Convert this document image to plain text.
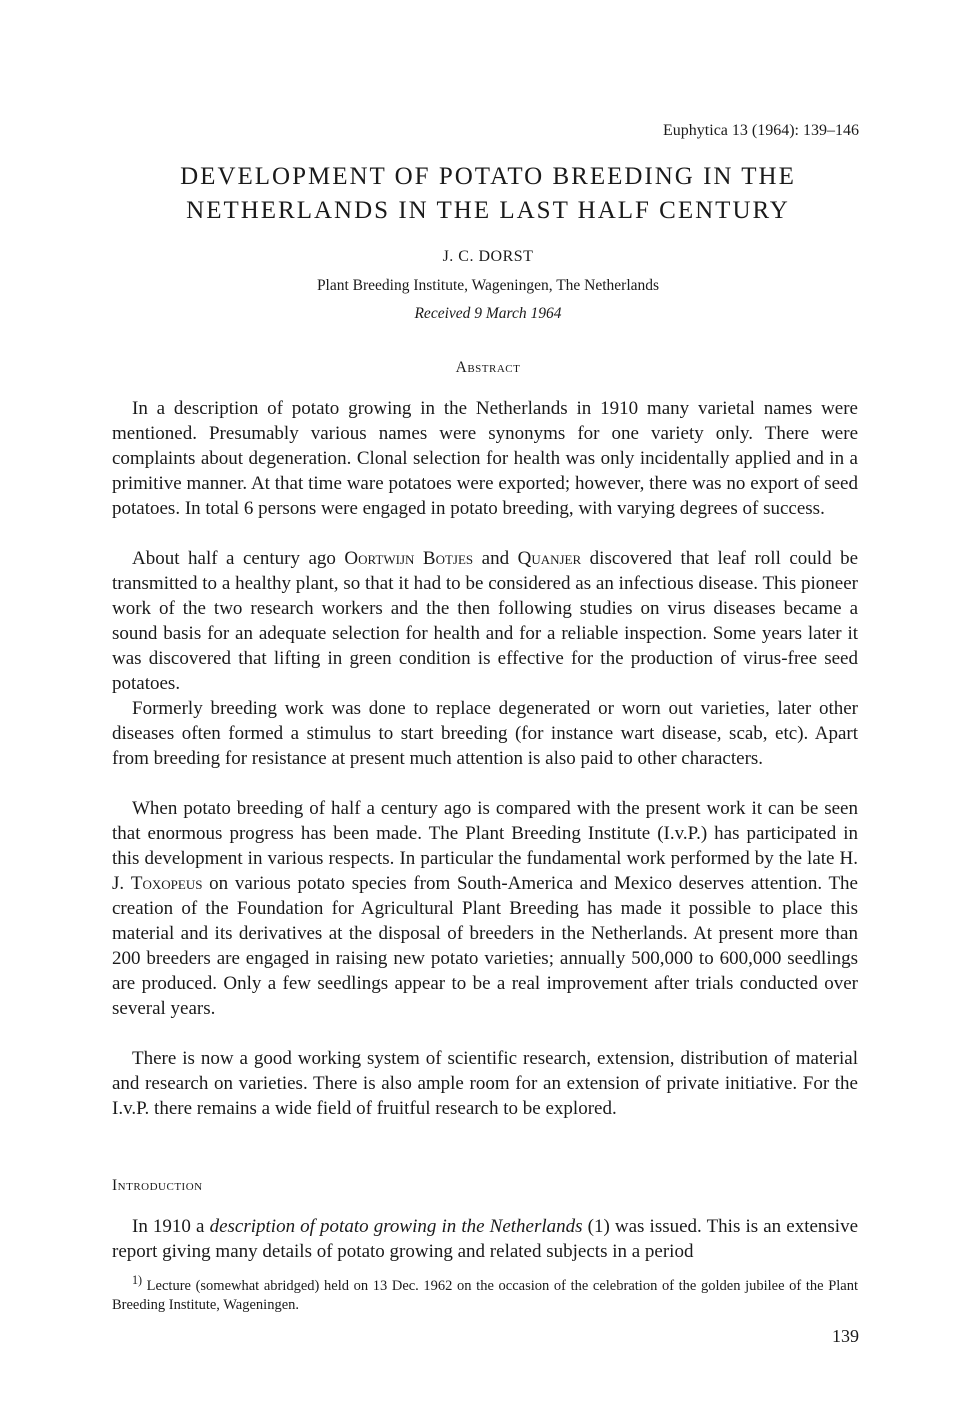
Euphytica 13 (1964): 139–146
DEVELOPMENT OF POTATO BREEDING IN THE
NETHERLANDS IN THE LAST HALF CENTURY
J. C. DORST
Plant Breeding Institute, Wageningen, The Netherlands
Received 9 March 1964
Abstract

In a description of potato growing in the Netherlands in 1910 many varietal names were mentioned. Presumably various names were synonyms for one variety only. There were complaints about degeneration. Clonal selection for health was only incidentally applied and in a primitive manner. At that time ware potatoes were exported; however, there was no export of seed potatoes. In total 6 persons were engaged in potato breeding, with varying degrees of success.

About half a century ago Oortwijn Botjes and Quanjer discovered that leaf roll could be transmitted to a healthy plant, so that it had to be considered as an infectious disease. This pioneer work of the two research workers and the then following studies on virus diseases became a sound basis for an adequate selection for health and for a reliable inspection. Some years later it was discovered that lifting in green condition is effective for the production of virus-free seed potatoes.

Formerly breeding work was done to replace degenerated or worn out varieties, later other diseases often formed a stimulus to start breeding (for instance wart disease, scab, etc). Apart from breeding for resistance at present much attention is also paid to other characters.

When potato breeding of half a century ago is compared with the present work it can be seen that enormous progress has been made. The Plant Breeding Institute (I.v.P.) has participated in this development in various respects. In particular the fundamental work performed by the late H. J. Toxopeus on various potato species from South-America and Mexico deserves attention. The creation of the Foundation for Agricultural Plant Breeding has made it possible to place this material and its derivatives at the disposal of breeders in the Netherlands. At present more than 200 breeders are engaged in raising new potato varieties; annually 500,000 to 600,000 seedlings are produced. Only a few seedlings appear to be a real improvement after trials conducted over several years.

There is now a good working system of scientific research, extension, distribution of material and research on varieties. There is also ample room for an extension of private initiative. For the I.v.P. there remains a wide field of fruitful research to be explored.

Introduction

In 1910 a description of potato growing in the Netherlands (1) was issued. This is an extensive report giving many details of potato growing and related subjects in a period

$^{1)}$ Lecture (somewhat abridged) held on 13 Dec. 1962 on the occasion of the celebration of the golden jubilee of the Plant Breeding Institute, Wageningen.

139
